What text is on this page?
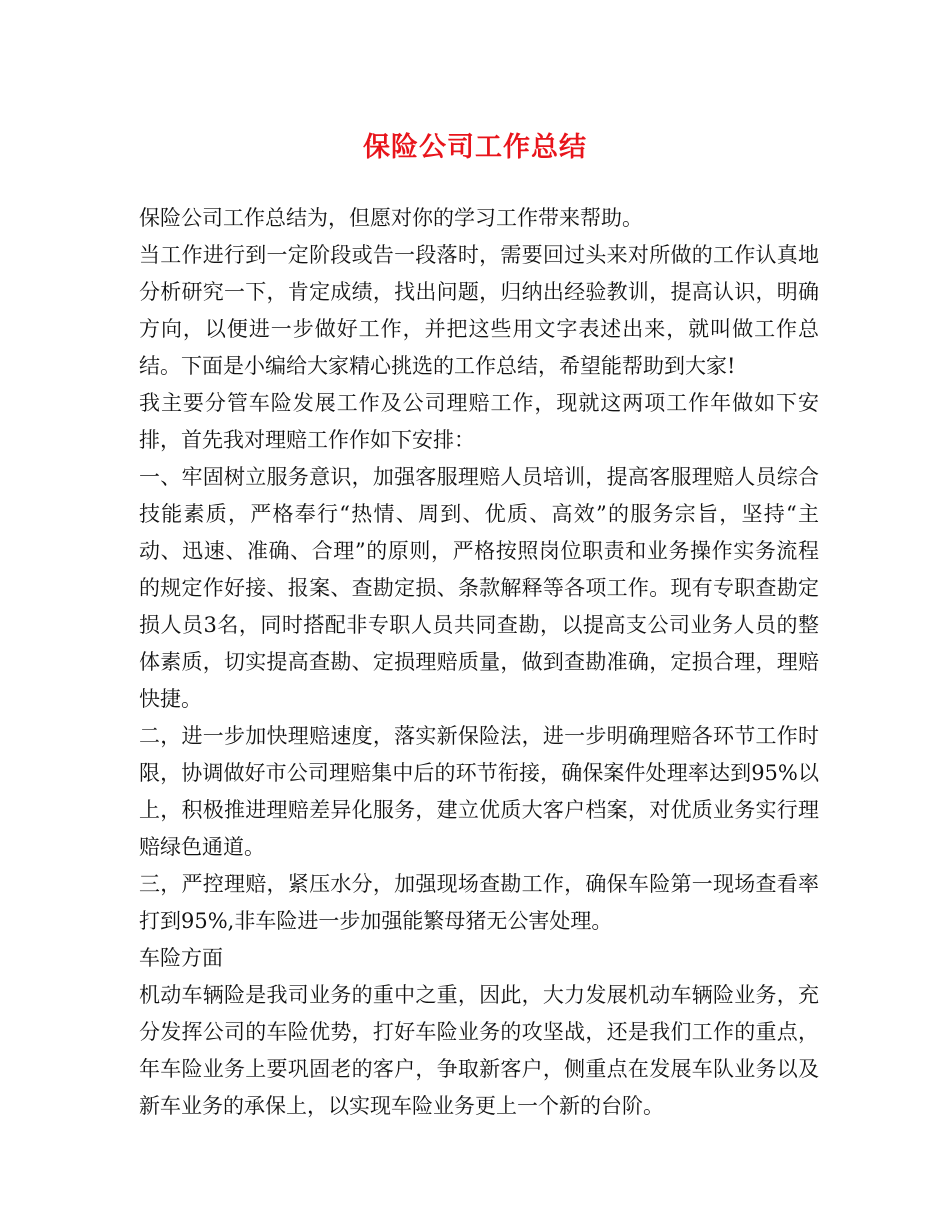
保险公司工作总结

保险公司工作总结为，但愿对你的学习工作带来帮助。

当工作进行到一定阶段或告一段落时，需要回过头来对所做的工作认真地分析研究一下，肯定成绩，找出问题，归纳出经验教训，提高认识，明确方向，以便进一步做好工作，并把这些用文字表述出来，就叫做工作总结。下面是小编给大家精心挑选的工作总结，希望能帮助到大家!

我主要分管车险发展工作及公司理赔工作，现就这两项工作年做如下安排，首先我对理赔工作作如下安排：

一、牢固树立服务意识，加强客服理赔人员培训，提高客服理赔人员综合技能素质，严格奉行“热情、周到、优质、高效”的服务宗旨，坚持“主动、迅速、准确、合理”的原则，严格按照岗位职责和业务操作实务流程的规定作好接、报案、查勘定损、条款解释等各项工作。现有专职查勘定损人员3名，同时搭配非专职人员共同查勘，以提高支公司业务人员的整体素质，切实提高查勘、定损理赔质量，做到查勘准确，定损合理，理赔快捷。

二，进一步加快理赔速度，落实新保险法，进一步明确理赔各环节工作时限，协调做好市公司理赔集中后的环节衔接，确保案件处理率达到95%以上，积极推进理赔差异化服务，建立优质大客户档案，对优质业务实行理赔绿色通道。

三，严控理赔，紧压水分，加强现场查勘工作，确保车险第一现场查看率打到95%,非车险进一步加强能繁母猪无公害处理。

车险方面

机动车辆险是我司业务的重中之重，因此，大力发展机动车辆险业务，充分发挥公司的车险优势，打好车险业务的攻坚战，还是我们工作的重点，年车险业务上要巩固老的客户，争取新客户，侧重点在发展车队业务以及新车业务的承保上，以实现车险业务更上一个新的台阶。
